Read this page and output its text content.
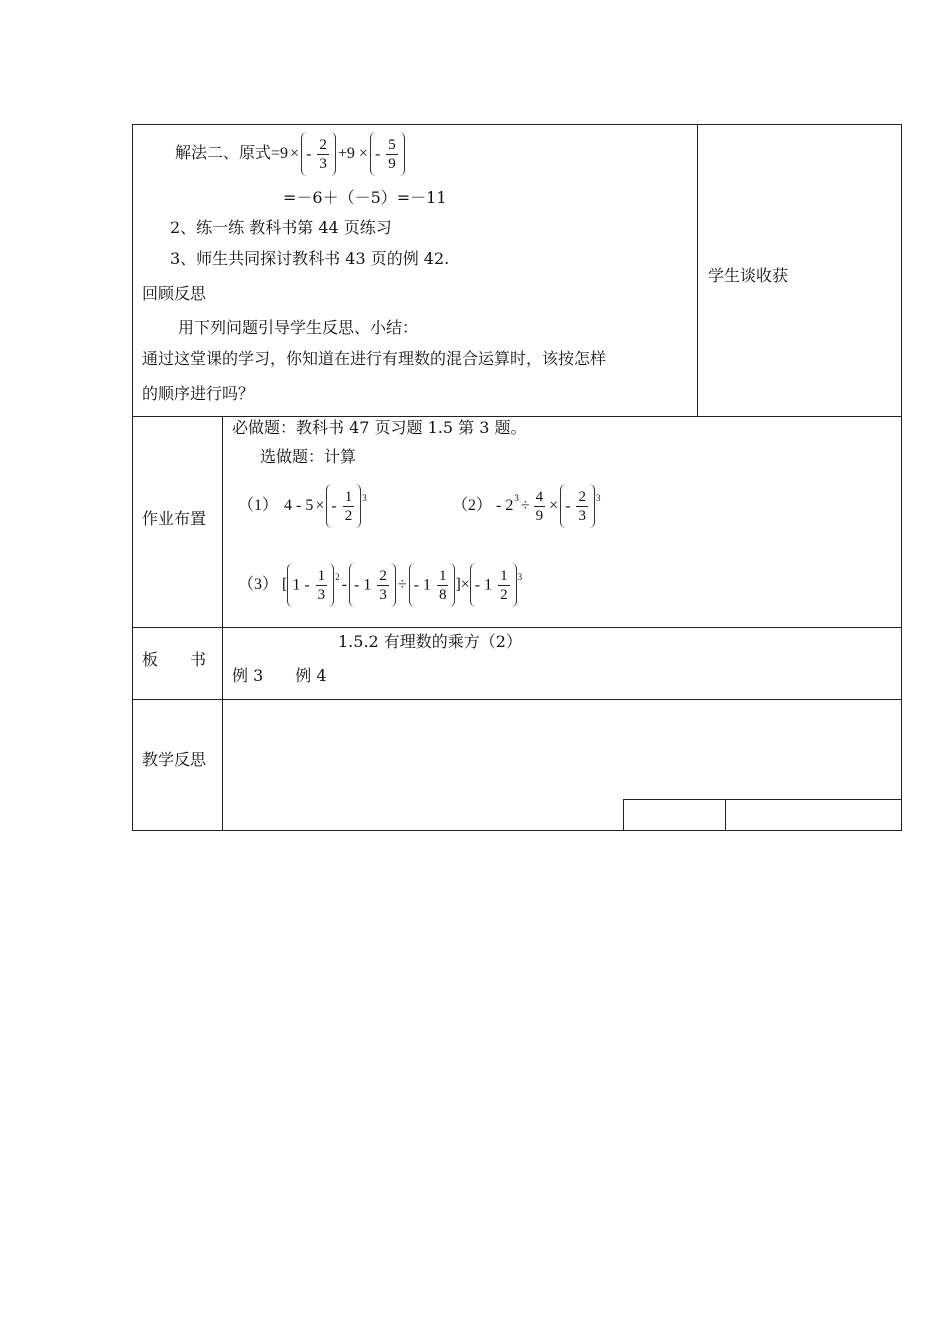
解法二、原式=9 × - $\frac{2}{3} +9$ × - $\frac{5}{9}$
=－6＋（－5）=－11
2、练一练 教科书第 44 页练习
3、师生共同探讨教科书 43 页的例 42.
回顾反思
用下列问题引导学生反思、小结：
通过这堂课的学习，你知道在进行有理数的混合运算时，该按怎样
的顺序进行吗？
学生谈收获
作业布置
必做题：教科书 47 页习题 1.5 第 3 题。
选做题：计算
（1） 4 - 5 × - $\frac{1}{2} 3$	（2） - 2 $3 \div \frac{4}{9}$ × - $\frac{2}{3} 3$
（3） [ $1 - \frac{1}{3} 2$ - - $1 \frac{2}{3}$ ÷ - $1 \frac{1}{8}$ ]× - $1 \frac{1}{2} 3$
板　　书
1.5.2 有理数的乘方（2）
例 3　　例 4
教学反思
